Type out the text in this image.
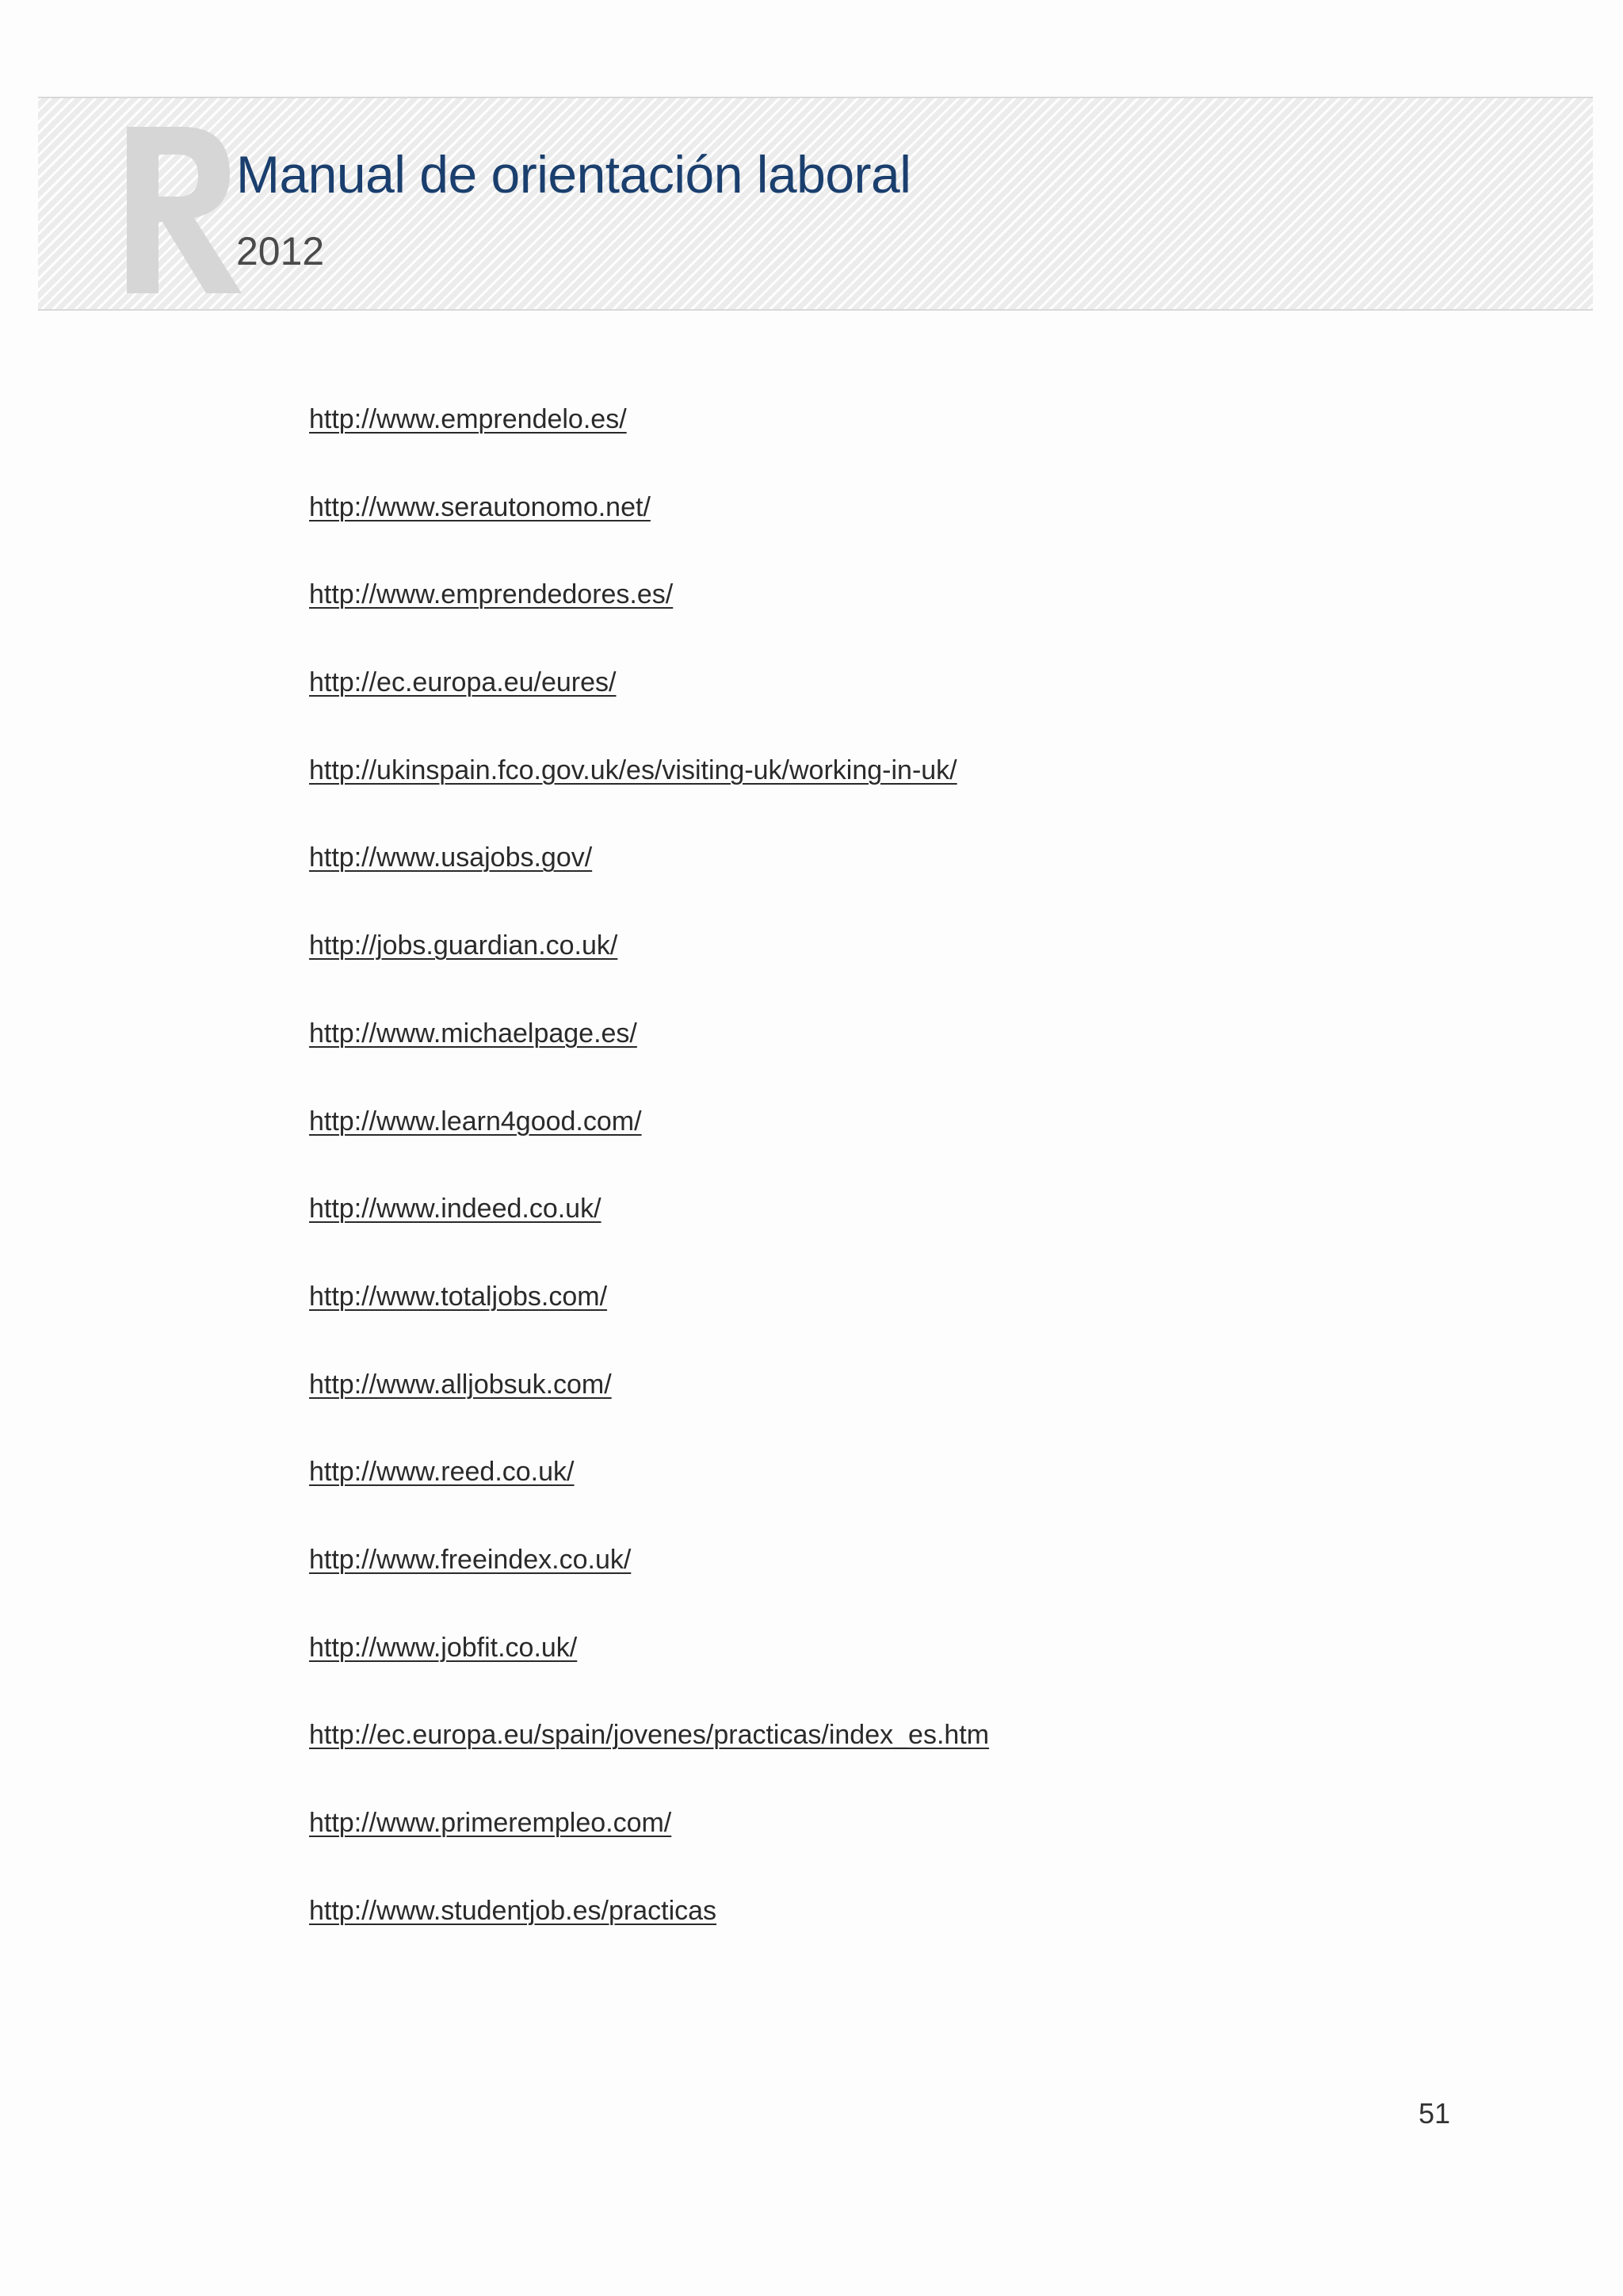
Manual de orientación laboral
2012
http://www.emprendelo.es/
http://www.serautonomo.net/
http://www.emprendedores.es/
http://ec.europa.eu/eures/
http://ukinspain.fco.gov.uk/es/visiting-uk/working-in-uk/
http://www.usajobs.gov/
http://jobs.guardian.co.uk/
http://www.michaelpage.es/
http://www.learn4good.com/
http://www.indeed.co.uk/
http://www.totaljobs.com/
http://www.alljobsuk.com/
http://www.reed.co.uk/
http://www.freeindex.co.uk/
http://www.jobfit.co.uk/
http://ec.europa.eu/spain/jovenes/practicas/index_es.htm
http://www.primerempleo.com/
http://www.studentjob.es/practicas
51
